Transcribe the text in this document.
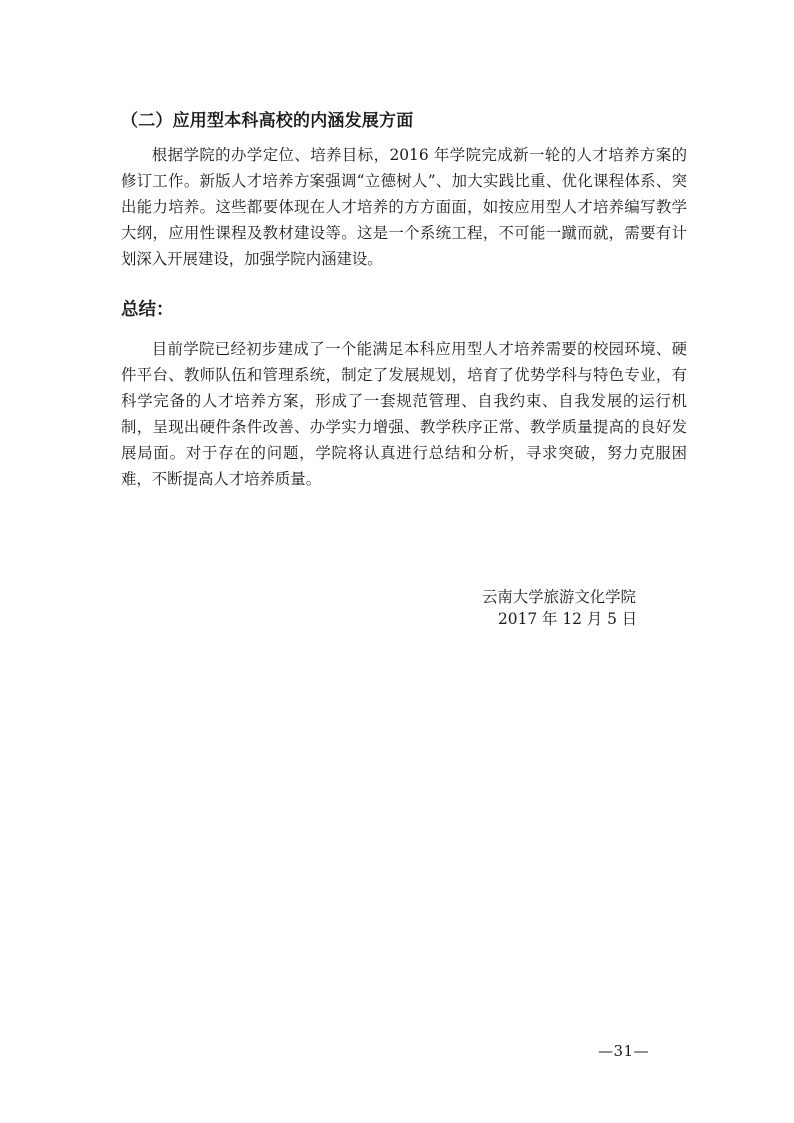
（二）应用型本科高校的内涵发展方面

根据学院的办学定位、培养目标，2016 年学院完成新一轮的人才培养方案的修订工作。新版人才培养方案强调“立德树人”、加大实践比重、优化课程体系、突出能力培养。这些都要体现在人才培养的方方面面，如按应用型人才培养编写教学大纲，应用性课程及教材建设等。这是一个系统工程，不可能一蹴而就，需要有计划深入开展建设，加强学院内涵建设。

总结：

目前学院已经初步建成了一个能满足本科应用型人才培养需要的校园环境、硬件平台、教师队伍和管理系统，制定了发展规划，培育了优势学科与特色专业，有科学完备的人才培养方案，形成了一套规范管理、自我约束、自我发展的运行机制，呈现出硬件条件改善、办学实力增强、教学秩序正常、教学质量提高的良好发展局面。对于存在的问题，学院将认真进行总结和分析，寻求突破，努力克服困难，不断提高人才培养质量。

云南大学旅游文化学院
2017 年 12 月 5 日
—31—
